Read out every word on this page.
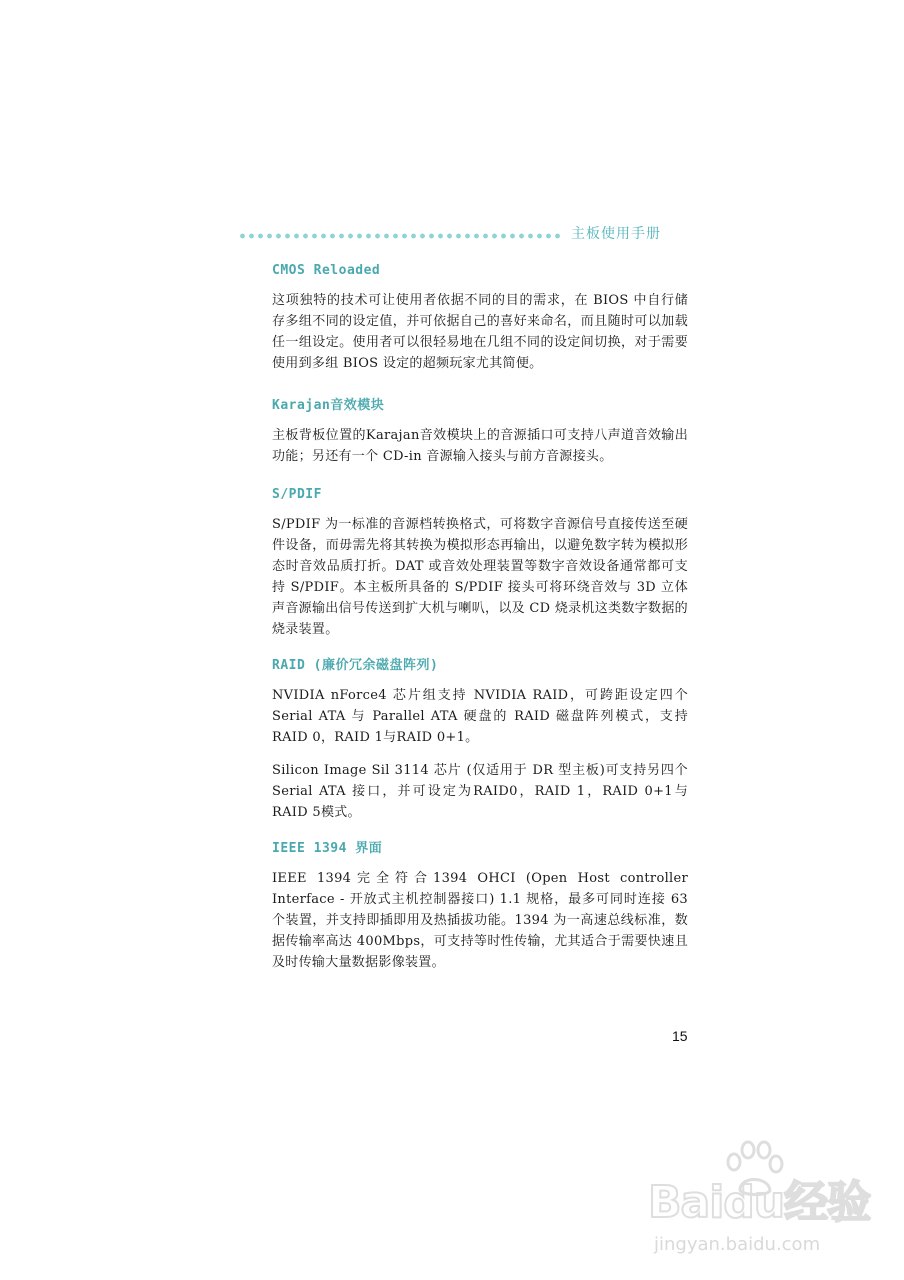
主板使用手册
CMOS Reloaded

这项独特的技术可让使用者依据不同的目的需求，在 BIOS 中自行储存多组不同的设定值，并可依据自己的喜好来命名，而且随时可以加载任一组设定。使用者可以很轻易地在几组不同的设定间切换，对于需要使用到多组 BIOS 设定的超频玩家尤其简便。

Karajan音效模块

主板背板位置的Karajan音效模块上的音源插口可支持八声道音效输出功能；另还有一个 CD-in 音源输入接头与前方音源接头。

S/PDIF

S/PDIF 为一标准的音源档转换格式，可将数字音源信号直接传送至硬件设备，而毋需先将其转换为模拟形态再输出，以避免数字转为模拟形态时音效品质打折。DAT 或音效处理装置等数字音效设备通常都可支持 S/PDIF。本主板所具备的 S/PDIF 接头可将环绕音效与 3D 立体声音源输出信号传送到扩大机与喇叭，以及 CD 烧录机这类数字数据的烧录装置。

RAID (廉价冗余磁盘阵列)

NVIDIA nForce4 芯片组支持 NVIDIA RAID，可跨距设定四个 Serial ATA 与 Parallel ATA 硬盘的 RAID 磁盘阵列模式，支持RAID 0，RAID 1与RAID 0+1。

Silicon Image Sil 3114 芯片 (仅适用于 DR 型主板)可支持另四个 Serial ATA 接口，并可设定为RAID0，RAID 1，RAID 0+1与 RAID 5模式。

IEEE 1394 界面

IEEE 1394完全符合1394 OHCI (Open Host controller Interface - 开放式主机控制器接口) 1.1 规格，最多可同时连接 63 个装置，并支持即插即用及热插拔功能。1394 为一高速总线标准，数据传输率高达 400Mbps，可支持等时性传输，尤其适合于需要快速且及时传输大量数据影像装置。

15
Baidu经验
jingyan.baidu.com
